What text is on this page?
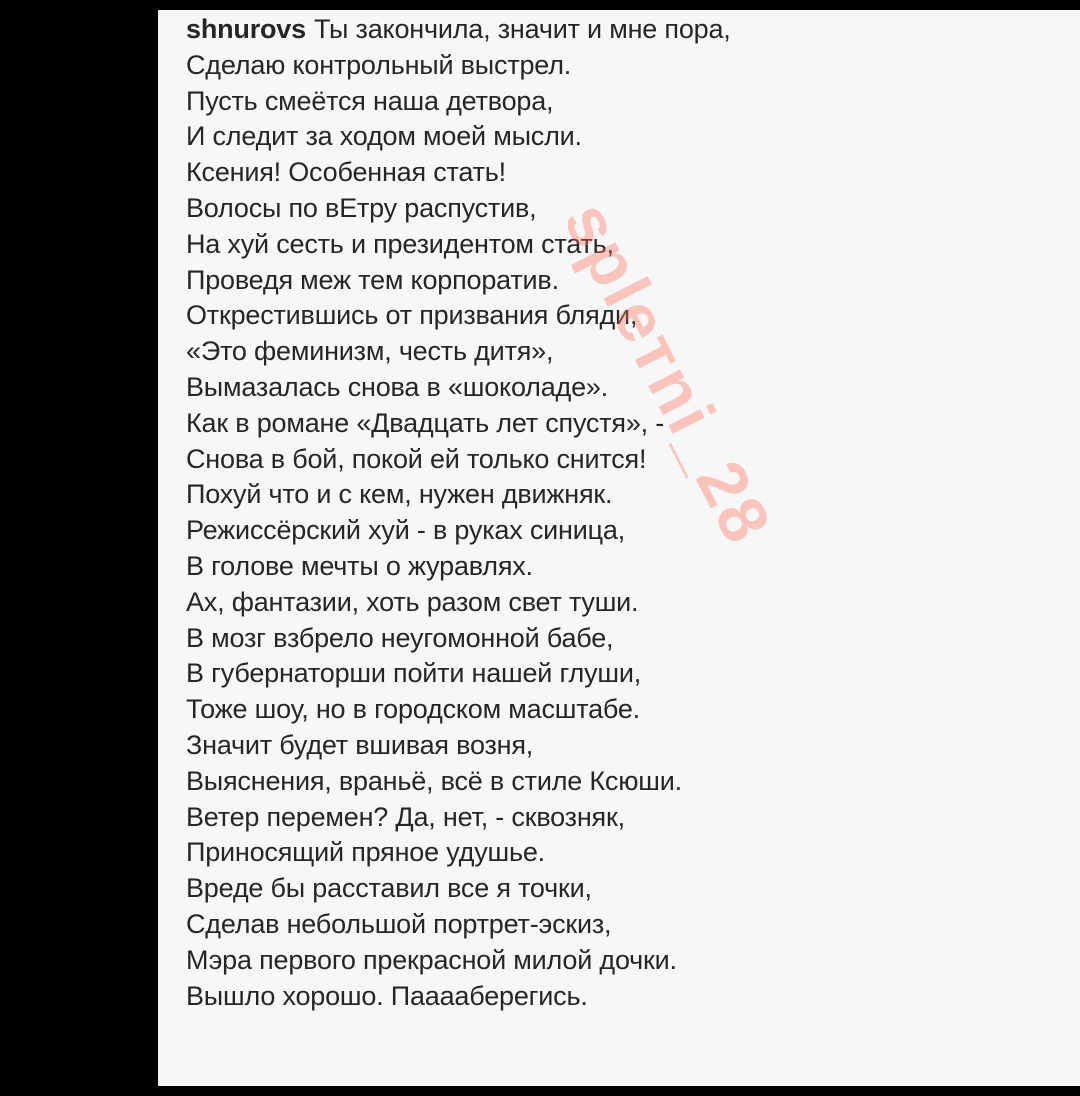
shnurovs Ты закончила, значит и мне пора,
Сделаю контрольный выстрел.
Пусть смеётся наша детвора,
И следит за ходом моей мысли.
Ксения! Особенная стать!
Волосы по вЕтру распустив,
На хуй сесть и президентом стать,
Проведя меж тем корпоратив.
Открестившись от призвания бляди,
«Это феминизм, честь дитя»,
Вымазалась снова в «шоколаде».
Как в романе «Двадцать лет спустя», -
Снова в бой, покой ей только снится!
Похуй что и с кем, нужен движняк.
Режиссёрский хуй - в руках синица,
В голове мечты о журавлях.
Ах, фантазии, хоть разом свет туши.
В мозг взбрело неугомонной бабе,
В губернаторши пойти нашей глуши,
Тоже шоу, но в городском масштабе.
Значит будет вшивая возня,
Выяснения, враньё, всё в стиле Ксюши.
Ветер перемен? Да, нет, - сквозняк,
Приносящий пряное удушье.
Вреде бы расставил все я точки,
Сделав небольшой портрет-эскиз,
Мэра первого прекрасной милой дочки.
Вышло хорошо. Пааааберегись.
splетni_28
